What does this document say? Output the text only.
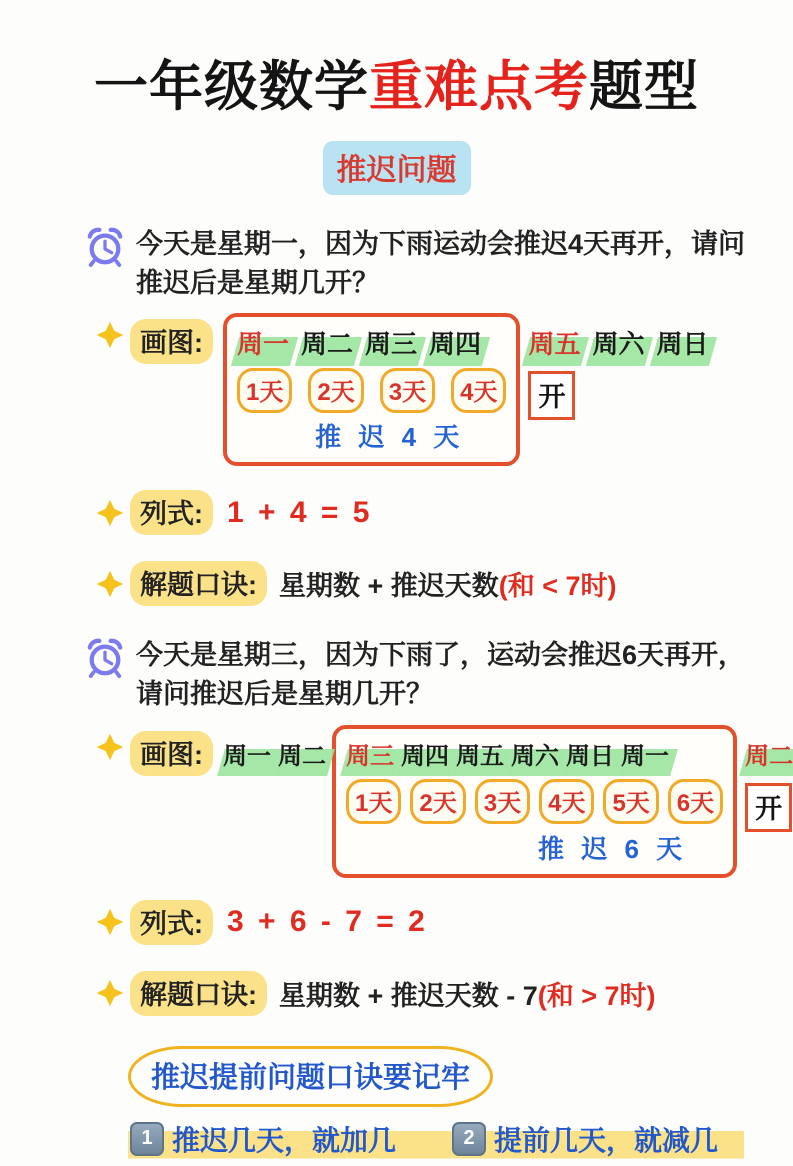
一年级数学重难点考题型
推迟问题
今天是星期一，因为下雨运动会推迟4天再开，请问推迟后是星期几开？
画图:	周一 周二 周三 周四
1天	2天	3天	4天
推 迟 4 天
周五 周六 周日
开
列式: 1 + 4 = 5
解题口诀: 星期数 + 推迟天数(和 < 7时)
今天是星期三，因为下雨了，运动会推迟6天再开，请问推迟后是星期几开？
画图: 周一 周二 周三 周四 周五 周六 周日 周一
1天	2天	3天	4天	5天	6天
推 迟 6 天
周二
开
列式: 3 + 6 - 7 = 2
解题口诀: 星期数 + 推迟天数 - 7(和 > 7时)
推迟提前问题口诀要记牢
1 推迟几天，就加几	2 提前几天，就减几
